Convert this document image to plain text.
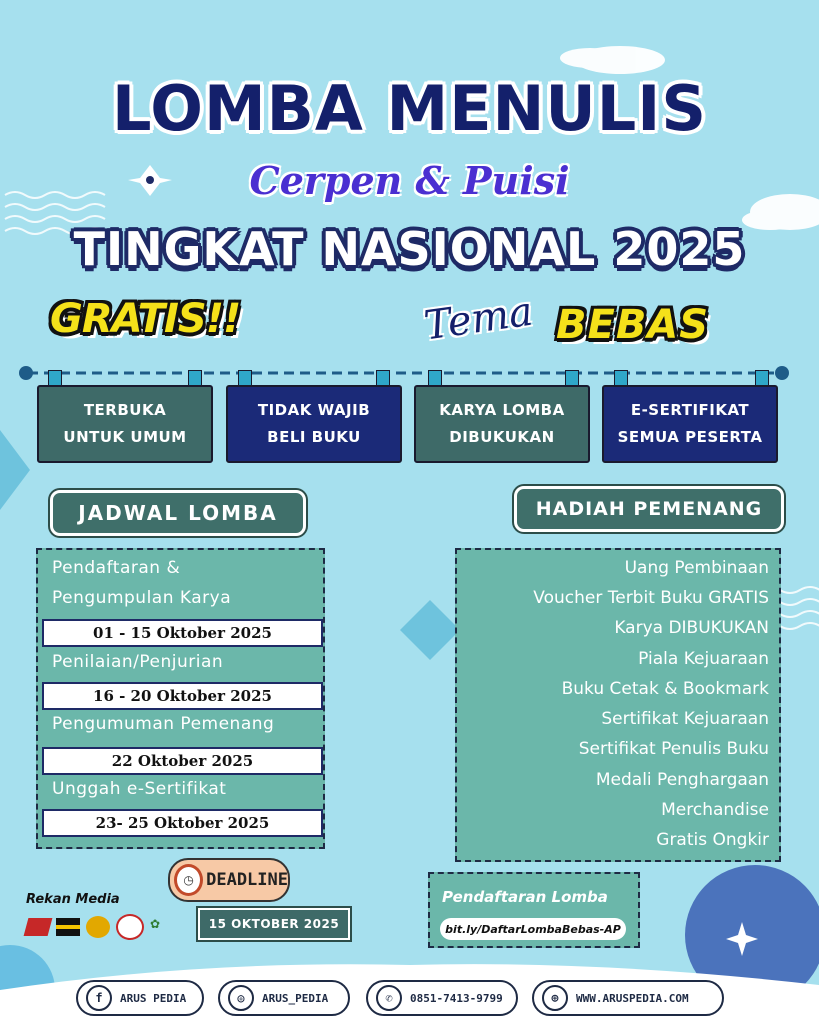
LOMBA MENULIS
Cerpen & Puisi
TINGKAT NASIONAL 2025
GRATIS!!	Tema BEBAS
TERBUKA
UNTUK UMUM
TIDAK WAJIB
BELI BUKU
KARYA LOMBA
DIBUKUKAN
E-SERTIFIKAT
SEMUA PESERTA
JADWAL LOMBA	HADIAH PEMENANG
Pendaftaran &
Pengumpulan Karya
01 - 15 Oktober 2025
Penilaian/Penjurian
16 - 20 Oktober 2025
Pengumuman Pemenang
22 Oktober 2025
Unggah e-Sertifikat
23- 25 Oktober 2025
Uang Pembinaan
Voucher Terbit Buku GRATIS
Karya DIBUKUKAN
Piala Kejuaraan
Buku Cetak & Bookmark
Sertifikat Kejuaraan
Sertifikat Penulis Buku
Medali Penghargaan
Merchandise
Gratis Ongkir
◷ DEADLINE
15 OKTOBER 2025
Rekan Media
✿
Pendaftaran Lomba
bit.ly/DaftarLombaBebas-AP
f	ARUS PEDIA	◎	ARUS_PEDIA	✆	0851-7413-9799	⊕	WWW.ARUSPEDIA.COM
